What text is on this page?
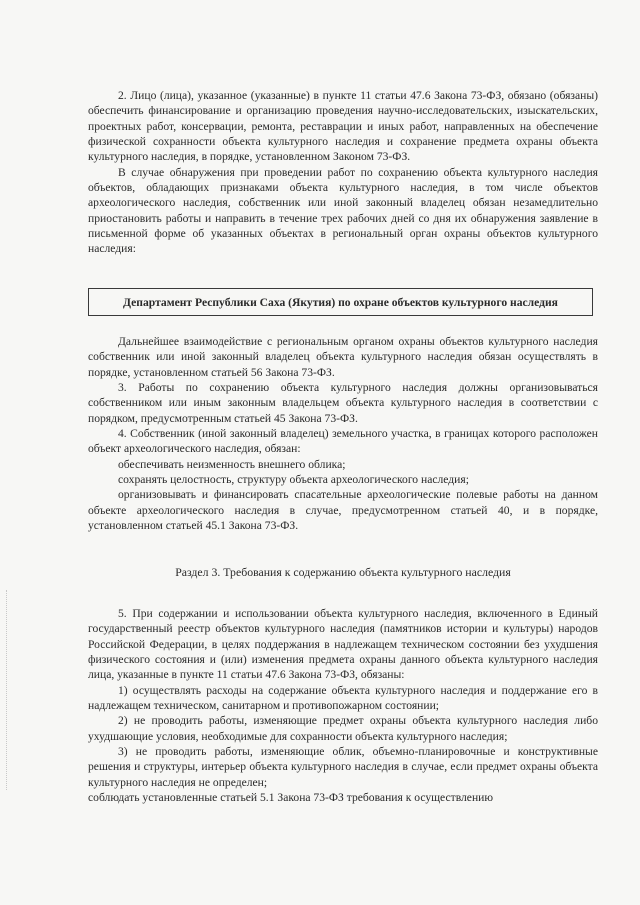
2. Лицо (лица), указанное (указанные) в пункте 11 статьи 47.6 Закона 73-ФЗ, обязано (обязаны) обеспечить финансирование и организацию проведения научно-исследовательских, изыскательских, проектных работ, консервации, ремонта, реставрации и иных работ, направленных на обеспечение физической сохранности объекта культурного наследия и сохранение предмета охраны объекта культурного наследия, в порядке, установленном Законом 73-ФЗ.

В случае обнаружения при проведении работ по сохранению объекта культурного наследия объектов, обладающих признаками объекта культурного наследия, в том числе объектов археологического наследия, собственник или иной законный владелец обязан незамедлительно приостановить работы и направить в течение трех рабочих дней со дня их обнаружения заявление в письменной форме об указанных объектах в региональный орган охраны объектов культурного наследия:

Департамент Республики Саха (Якутия) по охране объектов культурного наследия

Дальнейшее взаимодействие с региональным органом охраны объектов культурного наследия собственник или иной законный владелец объекта культурного наследия обязан осуществлять в порядке, установленном статьей 56 Закона 73-ФЗ.

3. Работы по сохранению объекта культурного наследия должны организовываться собственником или иным законным владельцем объекта культурного наследия в соответствии с порядком, предусмотренным статьей 45 Закона 73-ФЗ.

4. Собственник (иной законный владелец) земельного участка, в границах которого расположен объект археологического наследия, обязан:

обеспечивать неизменность внешнего облика;

сохранять целостность, структуру объекта археологического наследия;

организовывать и финансировать спасательные археологические полевые работы на данном объекте археологического наследия в случае, предусмотренном статьей 40, и в порядке, установленном статьей 45.1 Закона 73-ФЗ.

Раздел 3. Требования к содержанию объекта культурного наследия

5. При содержании и использовании объекта культурного наследия, включенного в Единый государственный реестр объектов культурного наследия (памятников истории и культуры) народов Российской Федерации, в целях поддержания в надлежащем техническом состоянии без ухудшения физического состояния и (или) изменения предмета охраны данного объекта культурного наследия лица, указанные в пункте 11 статьи 47.6 Закона 73-ФЗ, обязаны:

1) осуществлять расходы на содержание объекта культурного наследия и поддержание его в надлежащем техническом, санитарном и противопожарном состоянии;

2) не проводить работы, изменяющие предмет охраны объекта культурного наследия либо ухудшающие условия, необходимые для сохранности объекта культурного наследия;

3) не проводить работы, изменяющие облик, объемно-планировочные и конструктивные решения и структуры, интерьер объекта культурного наследия в случае, если предмет охраны объекта культурного наследия не определен;

соблюдать установленные статьей 5.1 Закона 73-ФЗ требования к осуществлению
